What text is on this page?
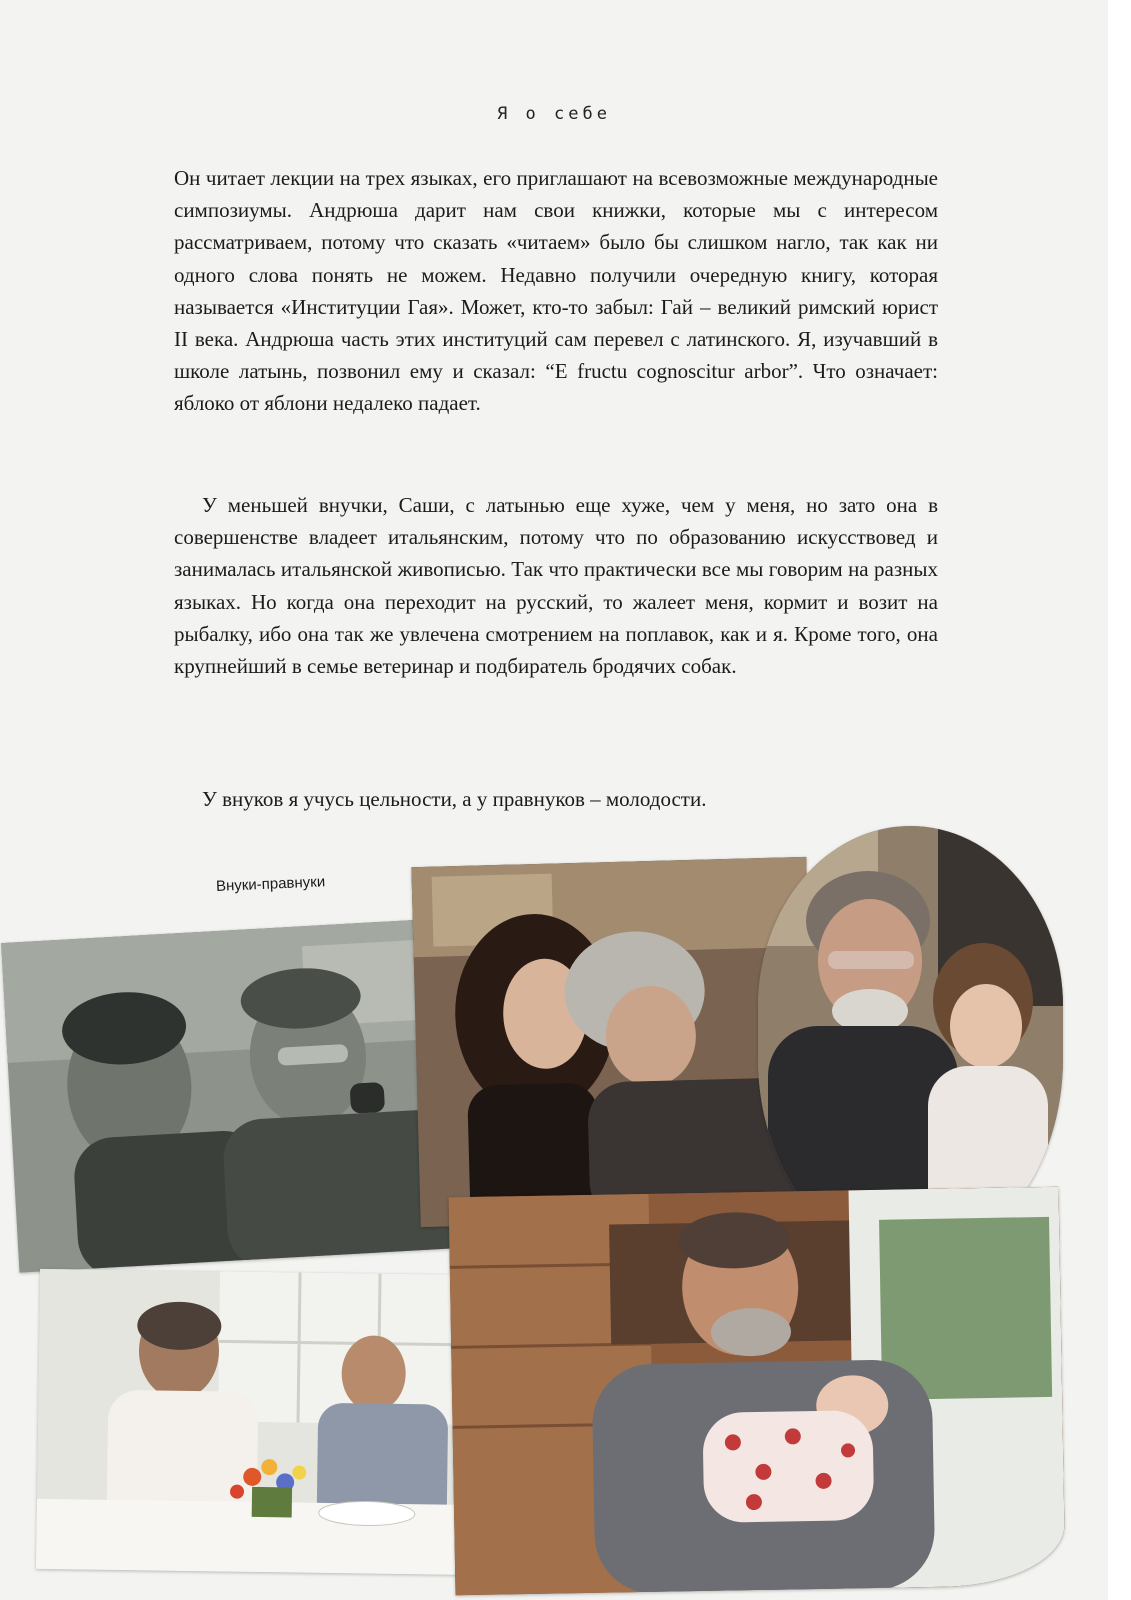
Я о себе

Он читает лекции на трех языках, его приглашают на всевозможные международные симпозиумы. Андрюша дарит нам свои книжки, которые мы с интересом рассматриваем, потому что сказать «читаем» было бы слишком нагло, так как ни одного слова понять не можем. Недавно получили очередную книгу, которая называется «Институции Гая». Может, кто-то забыл: Гай – великий римский юрист II века. Андрюша часть этих институций сам перевел с латинского. Я, изучавший в школе латынь, позвонил ему и сказал: “E fructu cognoscitur arbor”. Что означает: яблоко от яблони недалеко падает.

У меньшей внучки, Саши, с латынью еще хуже, чем у меня, но зато она в совершенстве владеет итальянским, потому что по образованию искусствовед и занималась итальянской живописью. Так что практически все мы говорим на разных языках. Но когда она переходит на русский, то жалеет меня, кормит и возит на рыбалку, ибо она так же увлечена смотрением на поплавок, как и я. Кроме того, она крупнейший в семье ветеринар и подбиратель бродячих собак.

У внуков я учусь цельности, а у правнуков – молодости.

Внуки-правнуки
